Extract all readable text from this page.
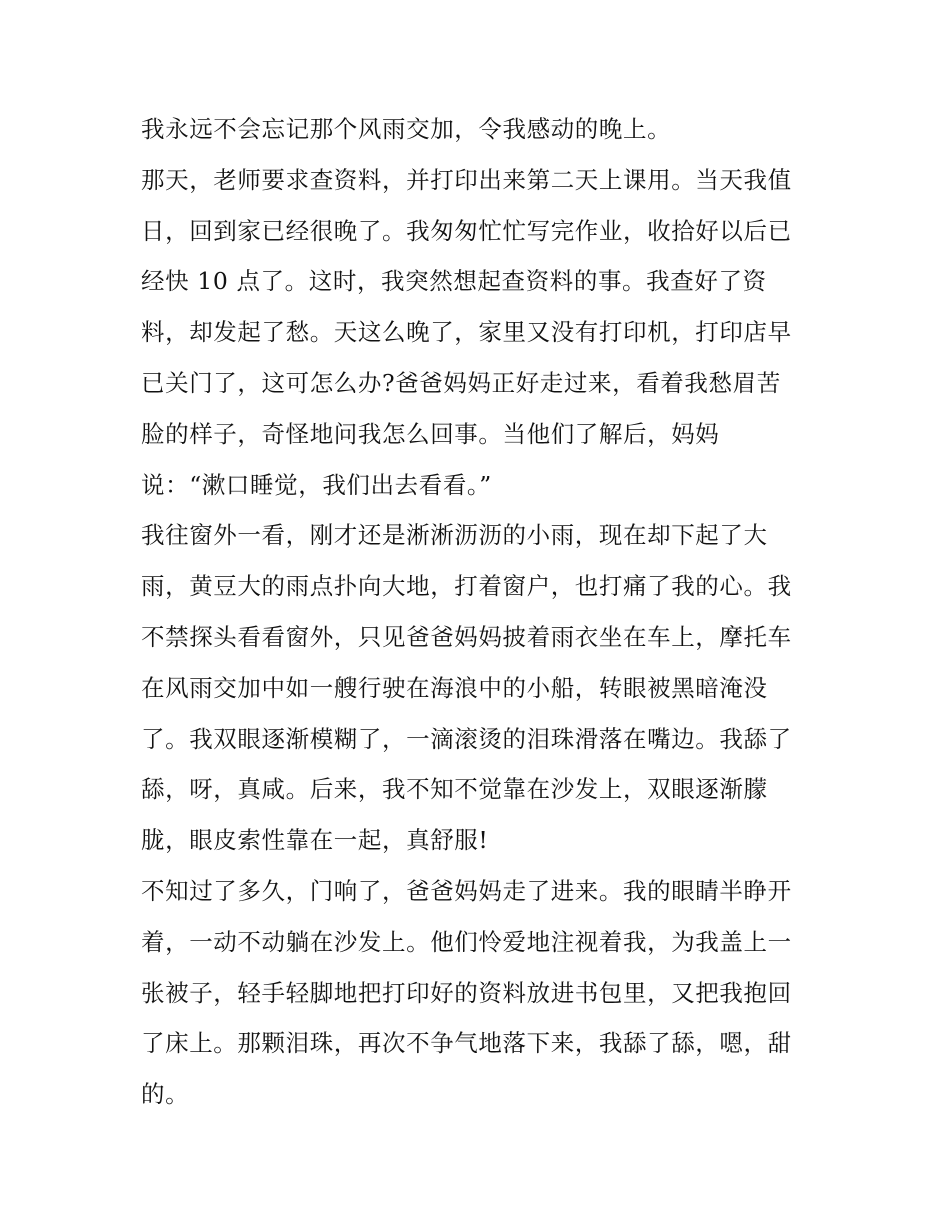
我永远不会忘记那个风雨交加，令我感动的晚上。
那天，老师要求查资料，并打印出来第二天上课用。当天我值
日，回到家已经很晚了。我匆匆忙忙写完作业，收拾好以后已
经快 10 点了。这时，我突然想起查资料的事。我查好了资
料，却发起了愁。天这么晚了，家里又没有打印机，打印店早
已关门了，这可怎么办?爸爸妈妈正好走过来，看着我愁眉苦
脸的样子，奇怪地问我怎么回事。当他们了解后，妈妈
说：“漱口睡觉，我们出去看看。”
我往窗外一看，刚才还是淅淅沥沥的小雨，现在却下起了大
雨，黄豆大的雨点扑向大地，打着窗户，也打痛了我的心。我
不禁探头看看窗外，只见爸爸妈妈披着雨衣坐在车上，摩托车
在风雨交加中如一艘行驶在海浪中的小船，转眼被黑暗淹没
了。我双眼逐渐模糊了，一滴滚烫的泪珠滑落在嘴边。我舔了
舔，呀，真咸。后来，我不知不觉靠在沙发上，双眼逐渐朦
胧，眼皮索性靠在一起，真舒服!
不知过了多久，门响了，爸爸妈妈走了进来。我的眼睛半睁开
着，一动不动躺在沙发上。他们怜爱地注视着我，为我盖上一
张被子，轻手轻脚地把打印好的资料放进书包里，又把我抱回
了床上。那颗泪珠，再次不争气地落下来，我舔了舔，嗯，甜
的。
